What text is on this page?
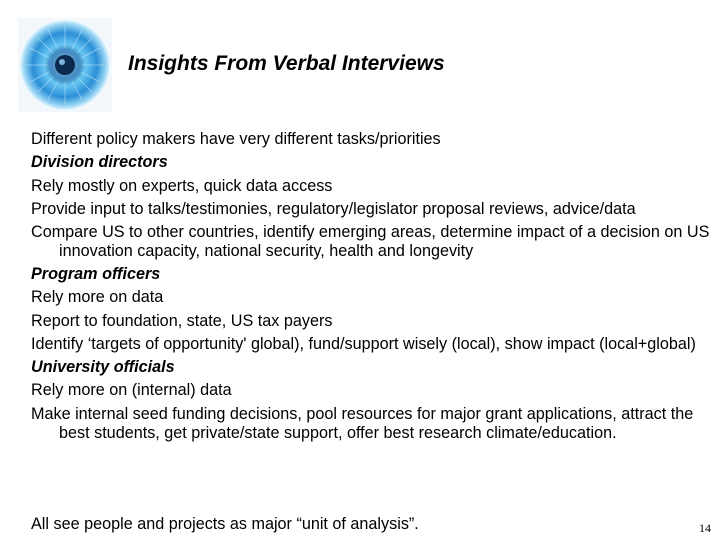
Insights From Verbal Interviews
Different policy makers have very different tasks/priorities
Division directors
Rely mostly on experts, quick data access
Provide input to talks/testimonies, regulatory/legislator proposal reviews, advice/data
Compare US to other countries, identify emerging areas, determine impact of a decision on US innovation capacity, national security, health and longevity
Program officers
Rely more on data
Report to foundation, state, US tax payers
Identify ‘targets of opportunity' global), fund/support wisely (local), show impact (local+global)
University officials
Rely more on (internal) data
Make internal seed funding decisions, pool resources for major grant applications, attract the best students, get private/state support, offer best research climate/education.
All see people and projects as major “unit of analysis”.	14
